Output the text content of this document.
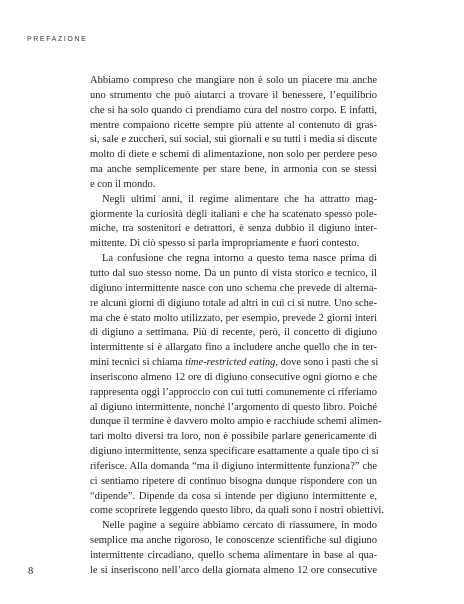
PREFAZIONE
Abbiamo compreso che mangiare non è solo un piacere ma anche
uno strumento che può aiutarci a trovare il benessere, l’equilibrio
che si ha solo quando ci prendiamo cura del nostro corpo. E infatti,
mentre compaiono ricette sempre più attente al contenuto di gras-
si, sale e zuccheri, sui social, sui giornali e su tutti i media si discute
molto di diete e schemi di alimentazione, non solo per perdere peso
ma anche semplicemente per stare bene, in armonia con se stessi
e con il mondo.
Negli ultimi anni, il regime alimentare che ha attratto mag-
giormente la curiosità degli italiani e che ha scatenato spesso pole-
miche, tra sostenitori e detrattori, è senza dubbio il digiuno inter-
mittente. Di ciò spesso si parla impropriamente e fuori contesto.
La confusione che regna intorno a questo tema nasce prima di
tutto dal suo stesso nome. Da un punto di vista storico e tecnico, il
digiuno intermittente nasce con uno schema che prevede di alterna-
re alcuni giorni di digiuno totale ad altri in cui ci si nutre. Uno sche-
ma che è stato molto utilizzato, per esempio, prevede 2 giorni interi
di digiuno a settimana. Più di recente, però, il concetto di digiuno
intermittente si è allargato fino a includere anche quello che in ter-
mini tecnici si chiama time-restricted eating, dove sono i pasti che si
inseriscono almeno 12 ore di digiuno consecutive ogni giorno e che
rappresenta oggi l’approccio con cui tutti comunemente ci riferiamo
al digiuno intermittente, nonché l’argomento di questo libro. Poiché
dunque il termine è davvero molto ampio e racchiude schemi alimen-
tari molto diversi tra loro, non è possibile parlare genericamente di
digiuno intermittente, senza specificare esattamente a quale tipo ci si
riferisce. Alla domanda “ma il digiuno intermittente funziona?” che
ci sentiamo ripetere di continuo bisogna dunque rispondere con un
“dipende”. Dipende da cosa si intende per digiuno intermittente e,
come scoprirete leggendo questo libro, da quali sono i nostri obiettivi.
Nelle pagine a seguire abbiamo cercato di riassumere, in modo
semplice ma anche rigoroso, le conoscenze scientifiche sul digiuno
intermittente circadiano, quello schema alimentare in base al qua-
le si inseriscono nell’arco della giornata almeno 12 ore consecutive
8
